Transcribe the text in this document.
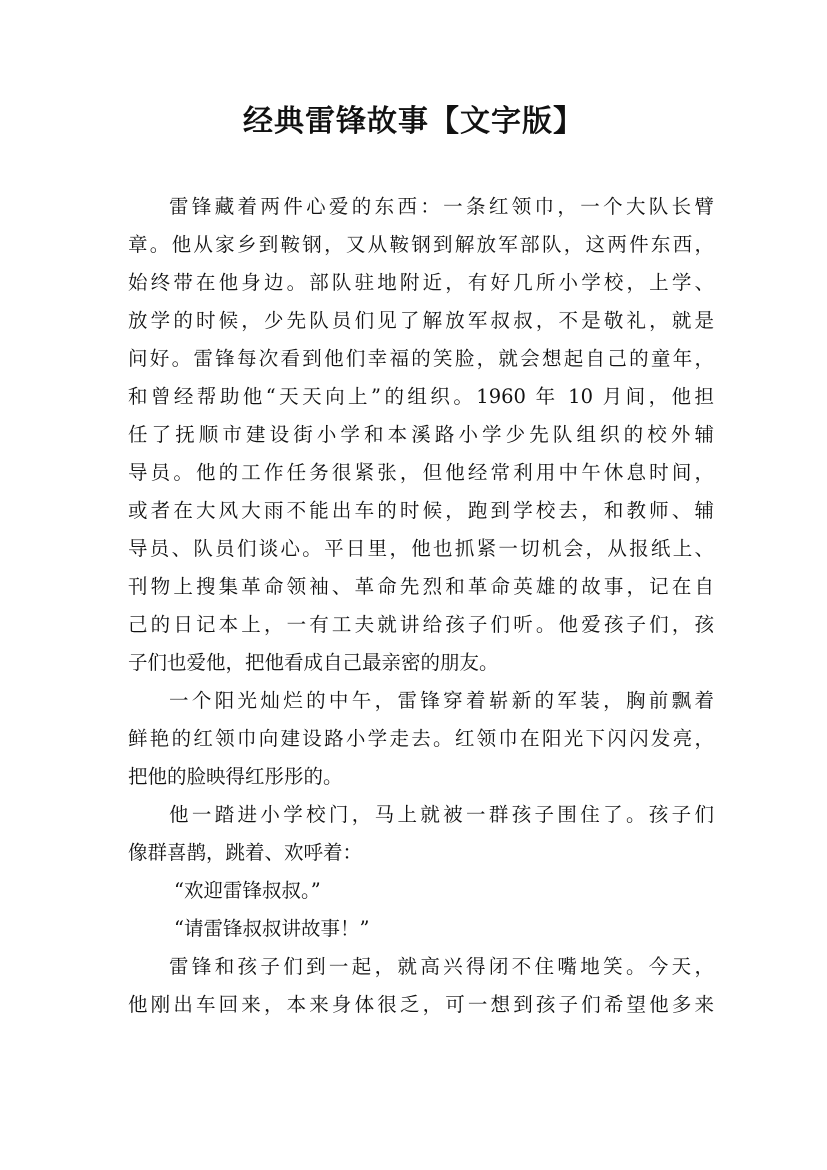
经典雷锋故事【文字版】
雷锋藏着两件心爱的东西：一条红领巾，一个大队长臂
章。他从家乡到鞍钢，又从鞍钢到解放军部队，这两件东西，
始终带在他身边。部队驻地附近，有好几所小学校，上学、
放学的时候，少先队员们见了解放军叔叔，不是敬礼，就是
问好。雷锋每次看到他们幸福的笑脸，就会想起自己的童年，
和曾经帮助他“天天向上”的组织。1960 年 10 月间，他担
任了抚顺市建设街小学和本溪路小学少先队组织的校外辅
导员。他的工作任务很紧张，但他经常利用中午休息时间，
或者在大风大雨不能出车的时候，跑到学校去，和教师、辅
导员、队员们谈心。平日里，他也抓紧一切机会，从报纸上、
刊物上搜集革命领袖、革命先烈和革命英雄的故事，记在自
己的日记本上，一有工夫就讲给孩子们听。他爱孩子们，孩
子们也爱他，把他看成自己最亲密的朋友。
一个阳光灿烂的中午，雷锋穿着崭新的军装，胸前飘着
鲜艳的红领巾向建设路小学走去。红领巾在阳光下闪闪发亮，
把他的脸映得红彤彤的。
他一踏进小学校门，马上就被一群孩子围住了。孩子们
像群喜鹊，跳着、欢呼着：
“欢迎雷锋叔叔。”
“请雷锋叔叔讲故事！”
雷锋和孩子们到一起，就高兴得闭不住嘴地笑。今天，
他刚出车回来，本来身体很乏，可一想到孩子们希望他多来
